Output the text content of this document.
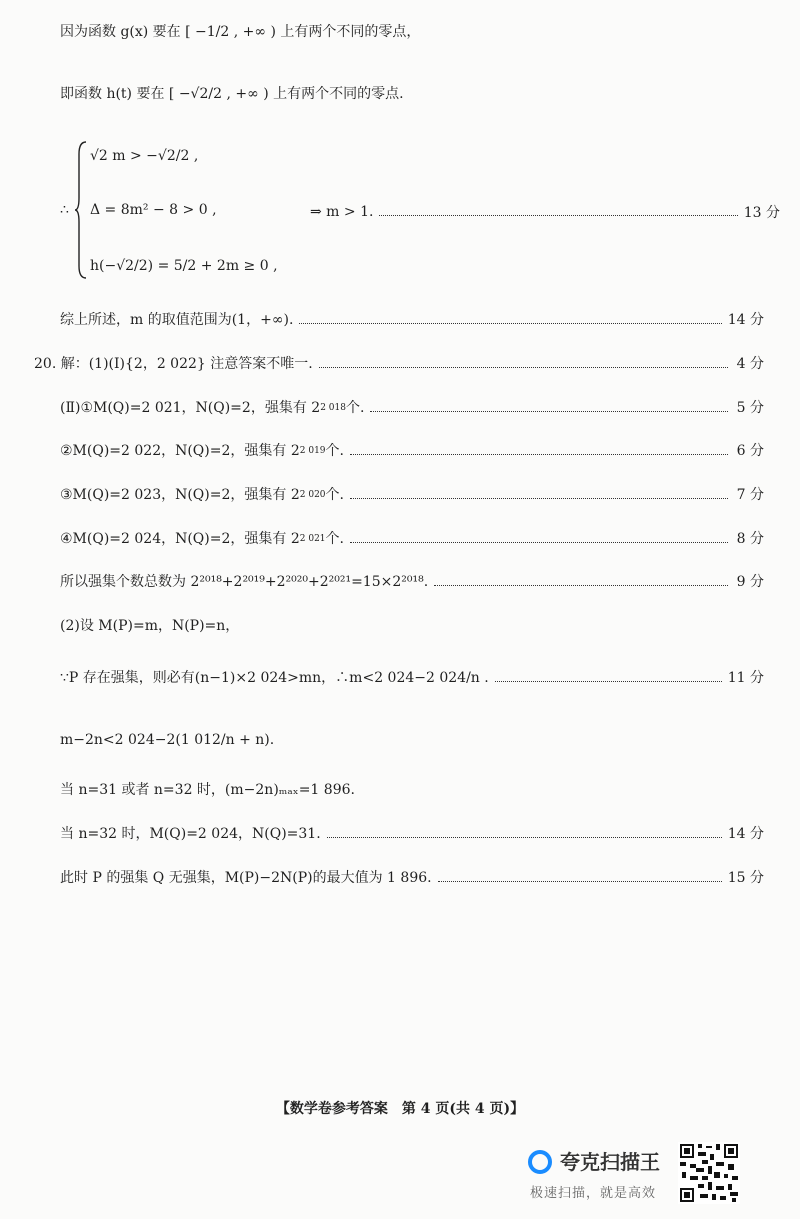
因为函数 g(x) 要在 [ −1/2 , +∞ ) 上有两个不同的零点，
即函数 h(t) 要在 [ −√2/2 , +∞ ) 上有两个不同的零点.
∴
√2 m > −√2/2 ,
Δ = 8m² − 8 > 0 ,
h(−√2/2) = 5/2 + 2m ≥ 0 ,
⇒ m > 1.	13 分
综上所述，m 的取值范围为(1，+∞).	14 分
20. 解：(1)(Ⅰ){2，2 022} 注意答案不唯一.	4 分
(Ⅱ)①M(Q)=2 021，N(Q)=2，强集有 2 2 018 个.	5 分
②M(Q)=2 022，N(Q)=2，强集有 2 2 019 个.	6 分
③M(Q)=2 023，N(Q)=2，强集有 2 2 020 个.	7 分
④M(Q)=2 024，N(Q)=2，强集有 2 2 021 个.	8 分
所以强集个数总数为 2²⁰¹⁸+2²⁰¹⁹+2²⁰²⁰+2²⁰²¹=15×2²⁰¹⁸.	9 分
(2)设 M(P)=m，N(P)=n，
∵P 存在强集，则必有(n−1)×2 024>mn，∴m<2 024−2 024/n .	11 分
m−2n<2 024−2(1 012/n + n).
当 n=31 或者 n=32 时，(m−2n)ₘₐₓ=1 896.
当 n=32 时，M(Q)=2 024，N(Q)=31.	14 分
此时 P 的强集 Q 无强集，M(P)−2N(P)的最大值为 1 896.	15 分
【数学卷参考答案　第 4 页(共 4 页)】
夸克扫描王
极速扫描，就是高效
